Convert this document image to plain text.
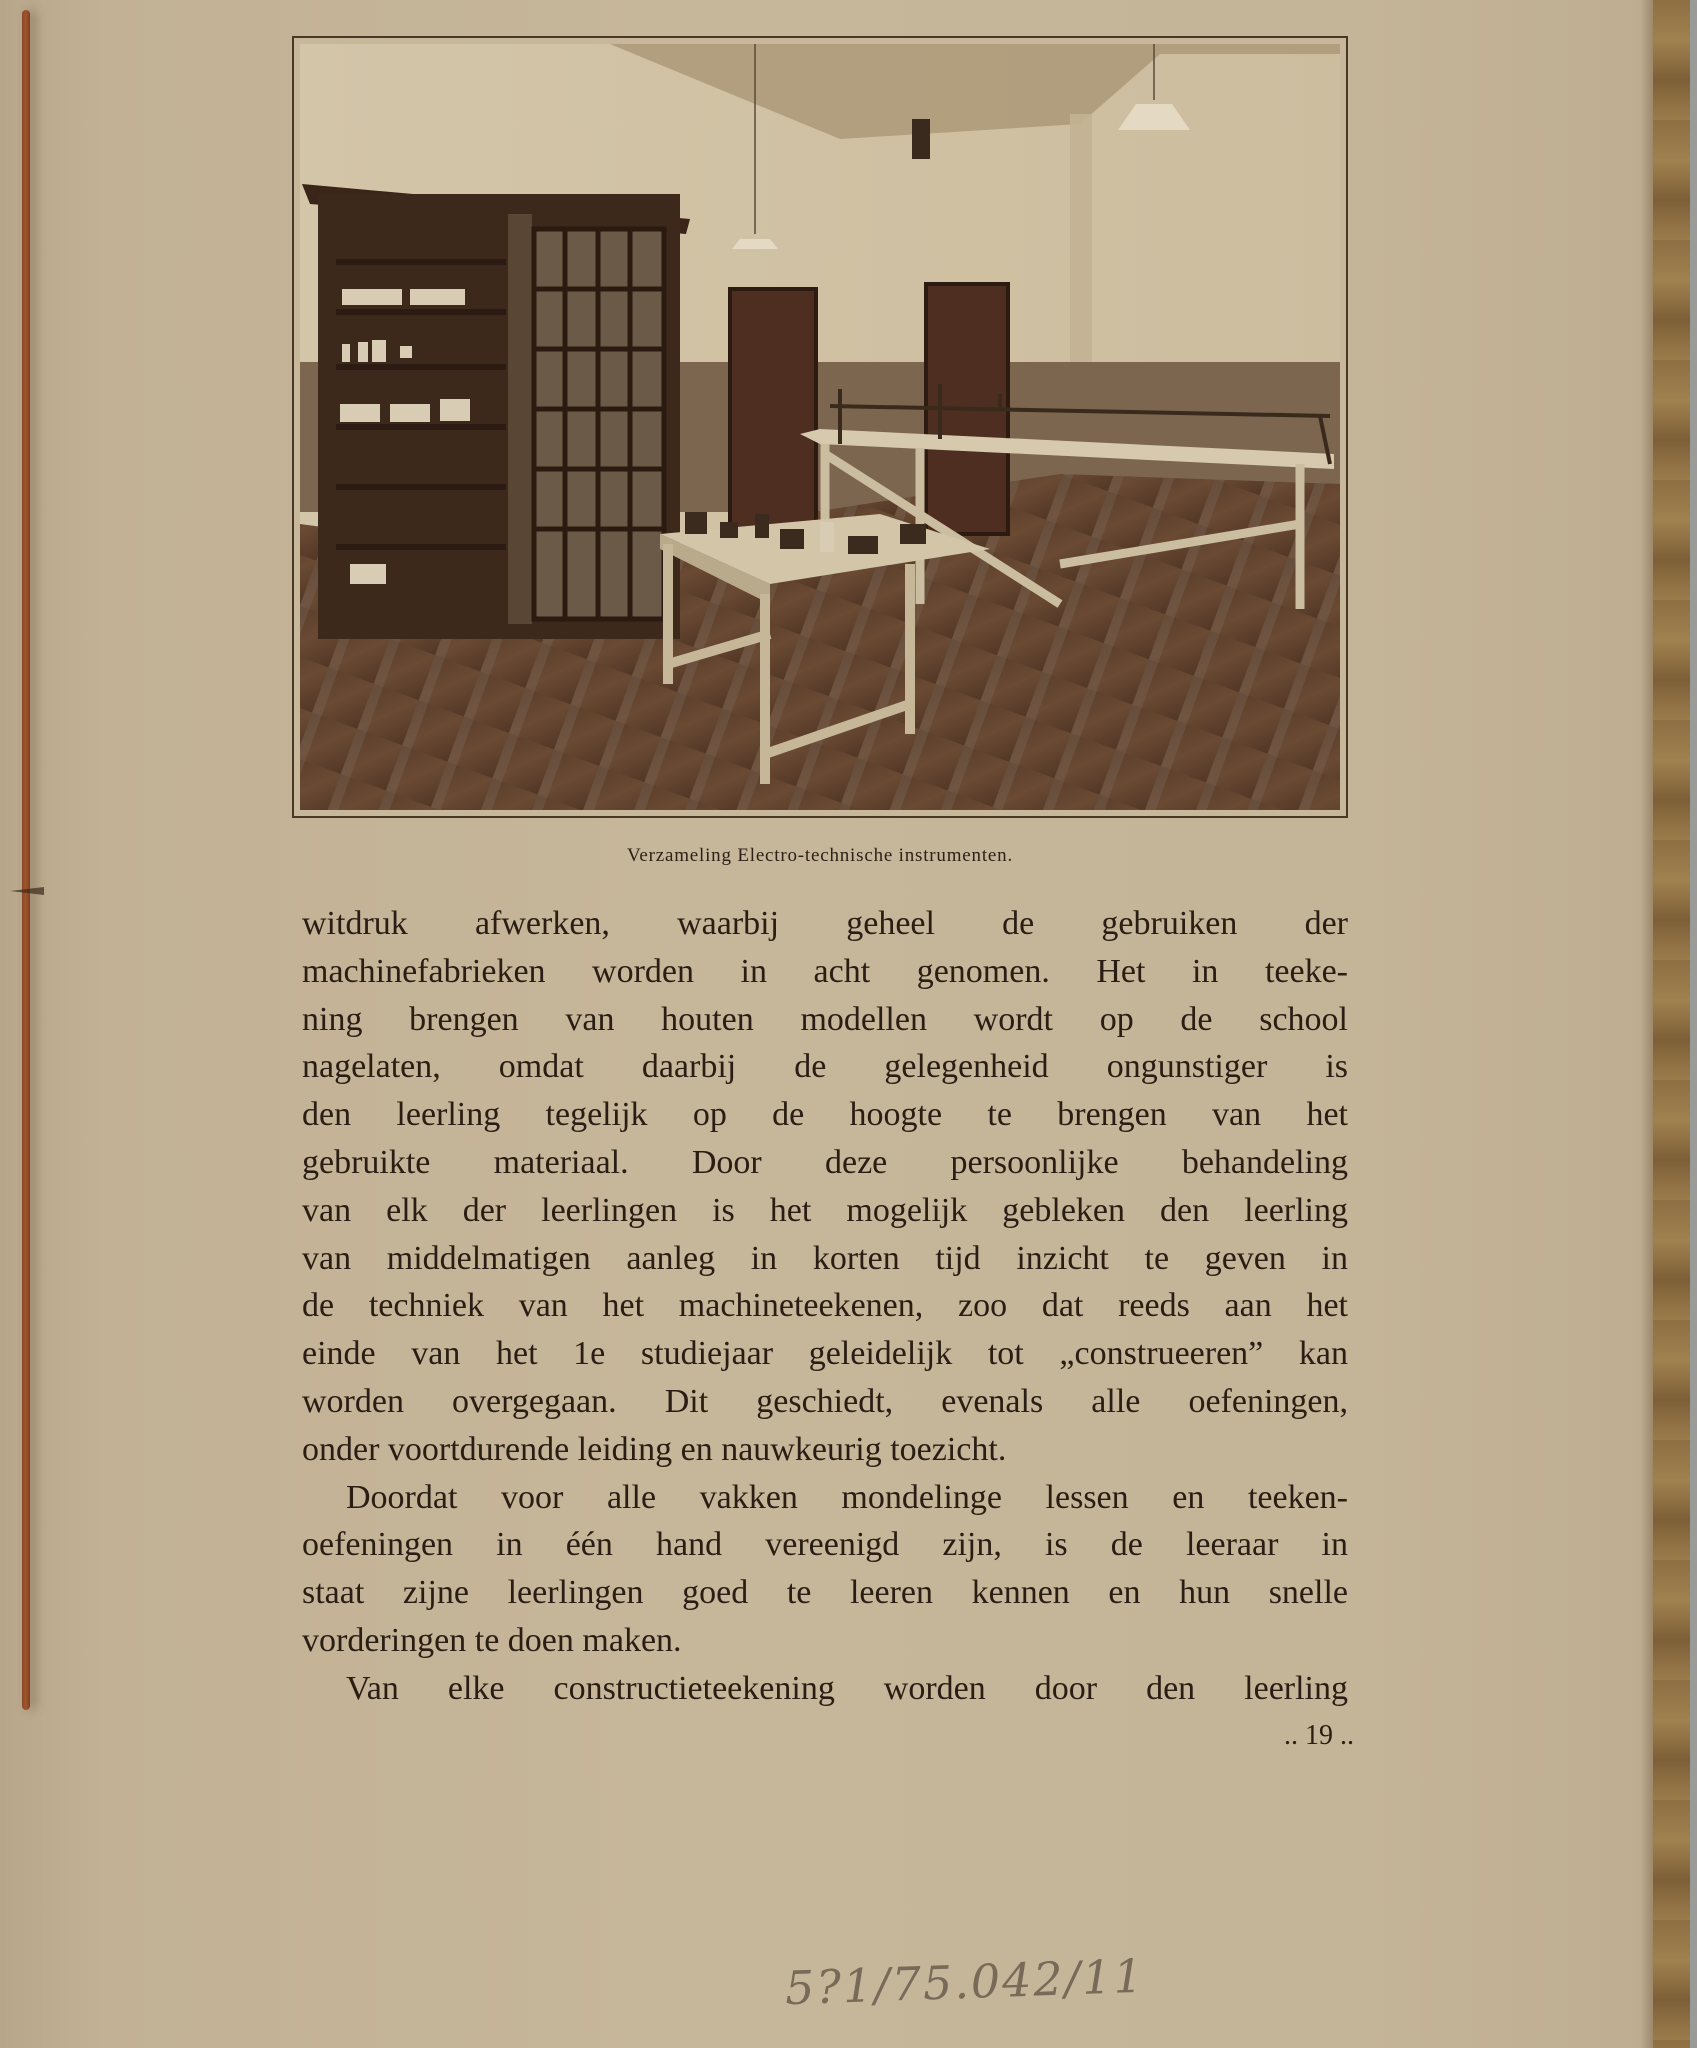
Verzameling Electro-technische instrumenten.
witdruk afwerken, waarbij geheel de gebruiken der
machinefabrieken worden in acht genomen. Het in teeke-
ning brengen van houten modellen wordt op de school
nagelaten, omdat daarbij de gelegenheid ongunstiger is
den leerling tegelijk op de hoogte te brengen van het
gebruikte materiaal. Door deze persoonlijke behandeling
van elk der leerlingen is het mogelijk gebleken den leerling
van middelmatigen aanleg in korten tijd inzicht te geven in
de techniek van het machineteekenen, zoo dat reeds aan het
einde van het 1e studiejaar geleidelijk tot „construeeren” kan
worden overgegaan. Dit geschiedt, evenals alle oefeningen,
onder voortdurende leiding en nauwkeurig toezicht.
Doordat voor alle vakken mondelinge lessen en teeken-
oefeningen in één hand vereenigd zijn, is de leeraar in
staat zijne leerlingen goed te leeren kennen en hun snelle
vorderingen te doen maken.
Van elke constructieteekening worden door den leerling
.. 19 ..
5?1/75.042/11
